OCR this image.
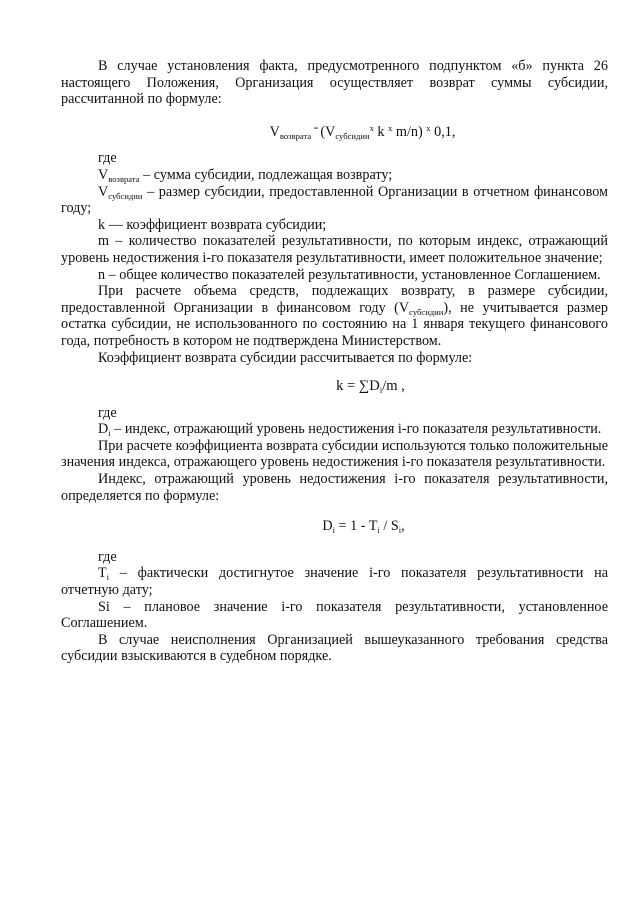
В случае установления факта, предусмотренного подпунктом «б» пункта 26 настоящего Положения, Организация осуществляет возврат суммы субсидии, рассчитанной по формуле:

$V_{возврата}$ = ($V_{субсидии}^x$ k $^x$ m/n) $^x$ 0,1,

где

$V_{возврата}$ – сумма субсидии, подлежащая возврату;

$V_{субсидии}$ – размер субсидии, предоставленной Организации в отчетном финансовом году;

k — коэффициент возврата субсидии;

m – количество показателей результативности, по которым индекс, отражающий уровень недостижения i-го показателя результативности, имеет положительное значение;

n – общее количество показателей результативности, установленное Соглашением.

При расчете объема средств, подлежащих возврату, в размере субсидии, предоставленной Организации в финансовом году $(V_{субсидии})$, не учитывается размер остатка субсидии, не использованного по состоянию на 1 января текущего финансового года, потребность в котором не подтверждена Министерством.

Коэффициент возврата субсидии рассчитывается по формуле:

$k = \sum D_i/m$ ,

где

$D_i$ – индекс, отражающий уровень недостижения i-го показателя результативности.

При расчете коэффициента возврата субсидии используются только положительные значения индекса, отражающего уровень недостижения i-го показателя результативности.

Индекс, отражающий уровень недостижения i-го показателя результативности, определяется по формуле:

$D_i = 1 - T_i / S_i$,

где

$T_i$ – фактически достигнутое значение i-го показателя результативности на отчетную дату;

Si – плановое значение i-го показателя результативности, установленное Соглашением.

В случае неисполнения Организацией вышеуказанного требования средства субсидии взыскиваются в судебном порядке.
